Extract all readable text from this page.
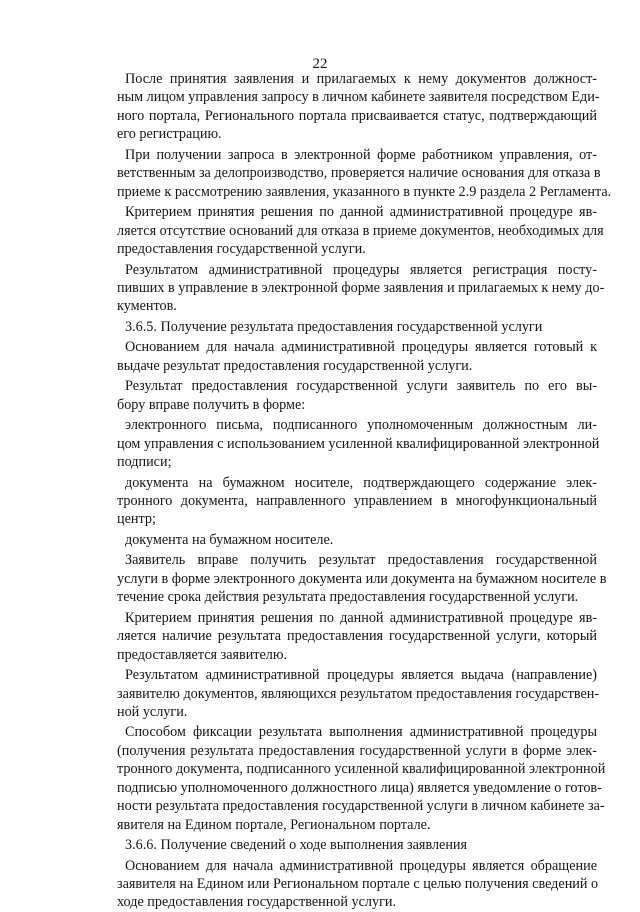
22
После принятия заявления и прилагаемых к нему документов должност-
ным лицом управления запросу в личном кабинете заявителя посредством Еди-
ного портала, Регионального портала присваивается статус, подтверждающий
его регистрацию.
При получении запроса в электронной форме работником управления, от-
ветственным за делопроизводство, проверяется наличие основания для отказа в
приеме к рассмотрению заявления, указанного в пункте 2.9 раздела 2 Регламента.
Критерием принятия решения по данной административной процедуре яв-
ляется отсутствие оснований для отказа в приеме документов, необходимых для
предоставления государственной услуги.
Результатом административной процедуры является регистрация посту-
пивших в управление в электронной форме заявления и прилагаемых к нему до-
кументов.
3.6.5. Получение результата предоставления государственной услуги
Основанием для начала административной процедуры является готовый к
выдаче результат предоставления государственной услуги.
Результат предоставления государственной услуги заявитель по его вы-
бору вправе получить в форме:
электронного письма, подписанного уполномоченным должностным ли-
цом управления с использованием усиленной квалифицированной электронной
подписи;
документа на бумажном носителе, подтверждающего содержание элек-
тронного документа, направленного управлением в многофункциональный
центр;
документа на бумажном носителе.
Заявитель вправе получить результат предоставления государственной
услуги в форме электронного документа или документа на бумажном носителе в
течение срока действия результата предоставления государственной услуги.
Критерием принятия решения по данной административной процедуре яв-
ляется наличие результата предоставления государственной услуги, который
предоставляется заявителю.
Результатом административной процедуры является выдача (направление)
заявителю документов, являющихся результатом предоставления государствен-
ной услуги.
Способом фиксации результата выполнения административной процедуры
(получения результата предоставления государственной услуги в форме элек-
тронного документа, подписанного усиленной квалифицированной электронной
подписью уполномоченного должностного лица) является уведомление о готов-
ности результата предоставления государственной услуги в личном кабинете за-
явителя на Едином портале, Региональном портале.
3.6.6. Получение сведений о ходе выполнения заявления
Основанием для начала административной процедуры является обращение
заявителя на Едином или Региональном портале с целью получения сведений о
ходе предоставления государственной услуги.
